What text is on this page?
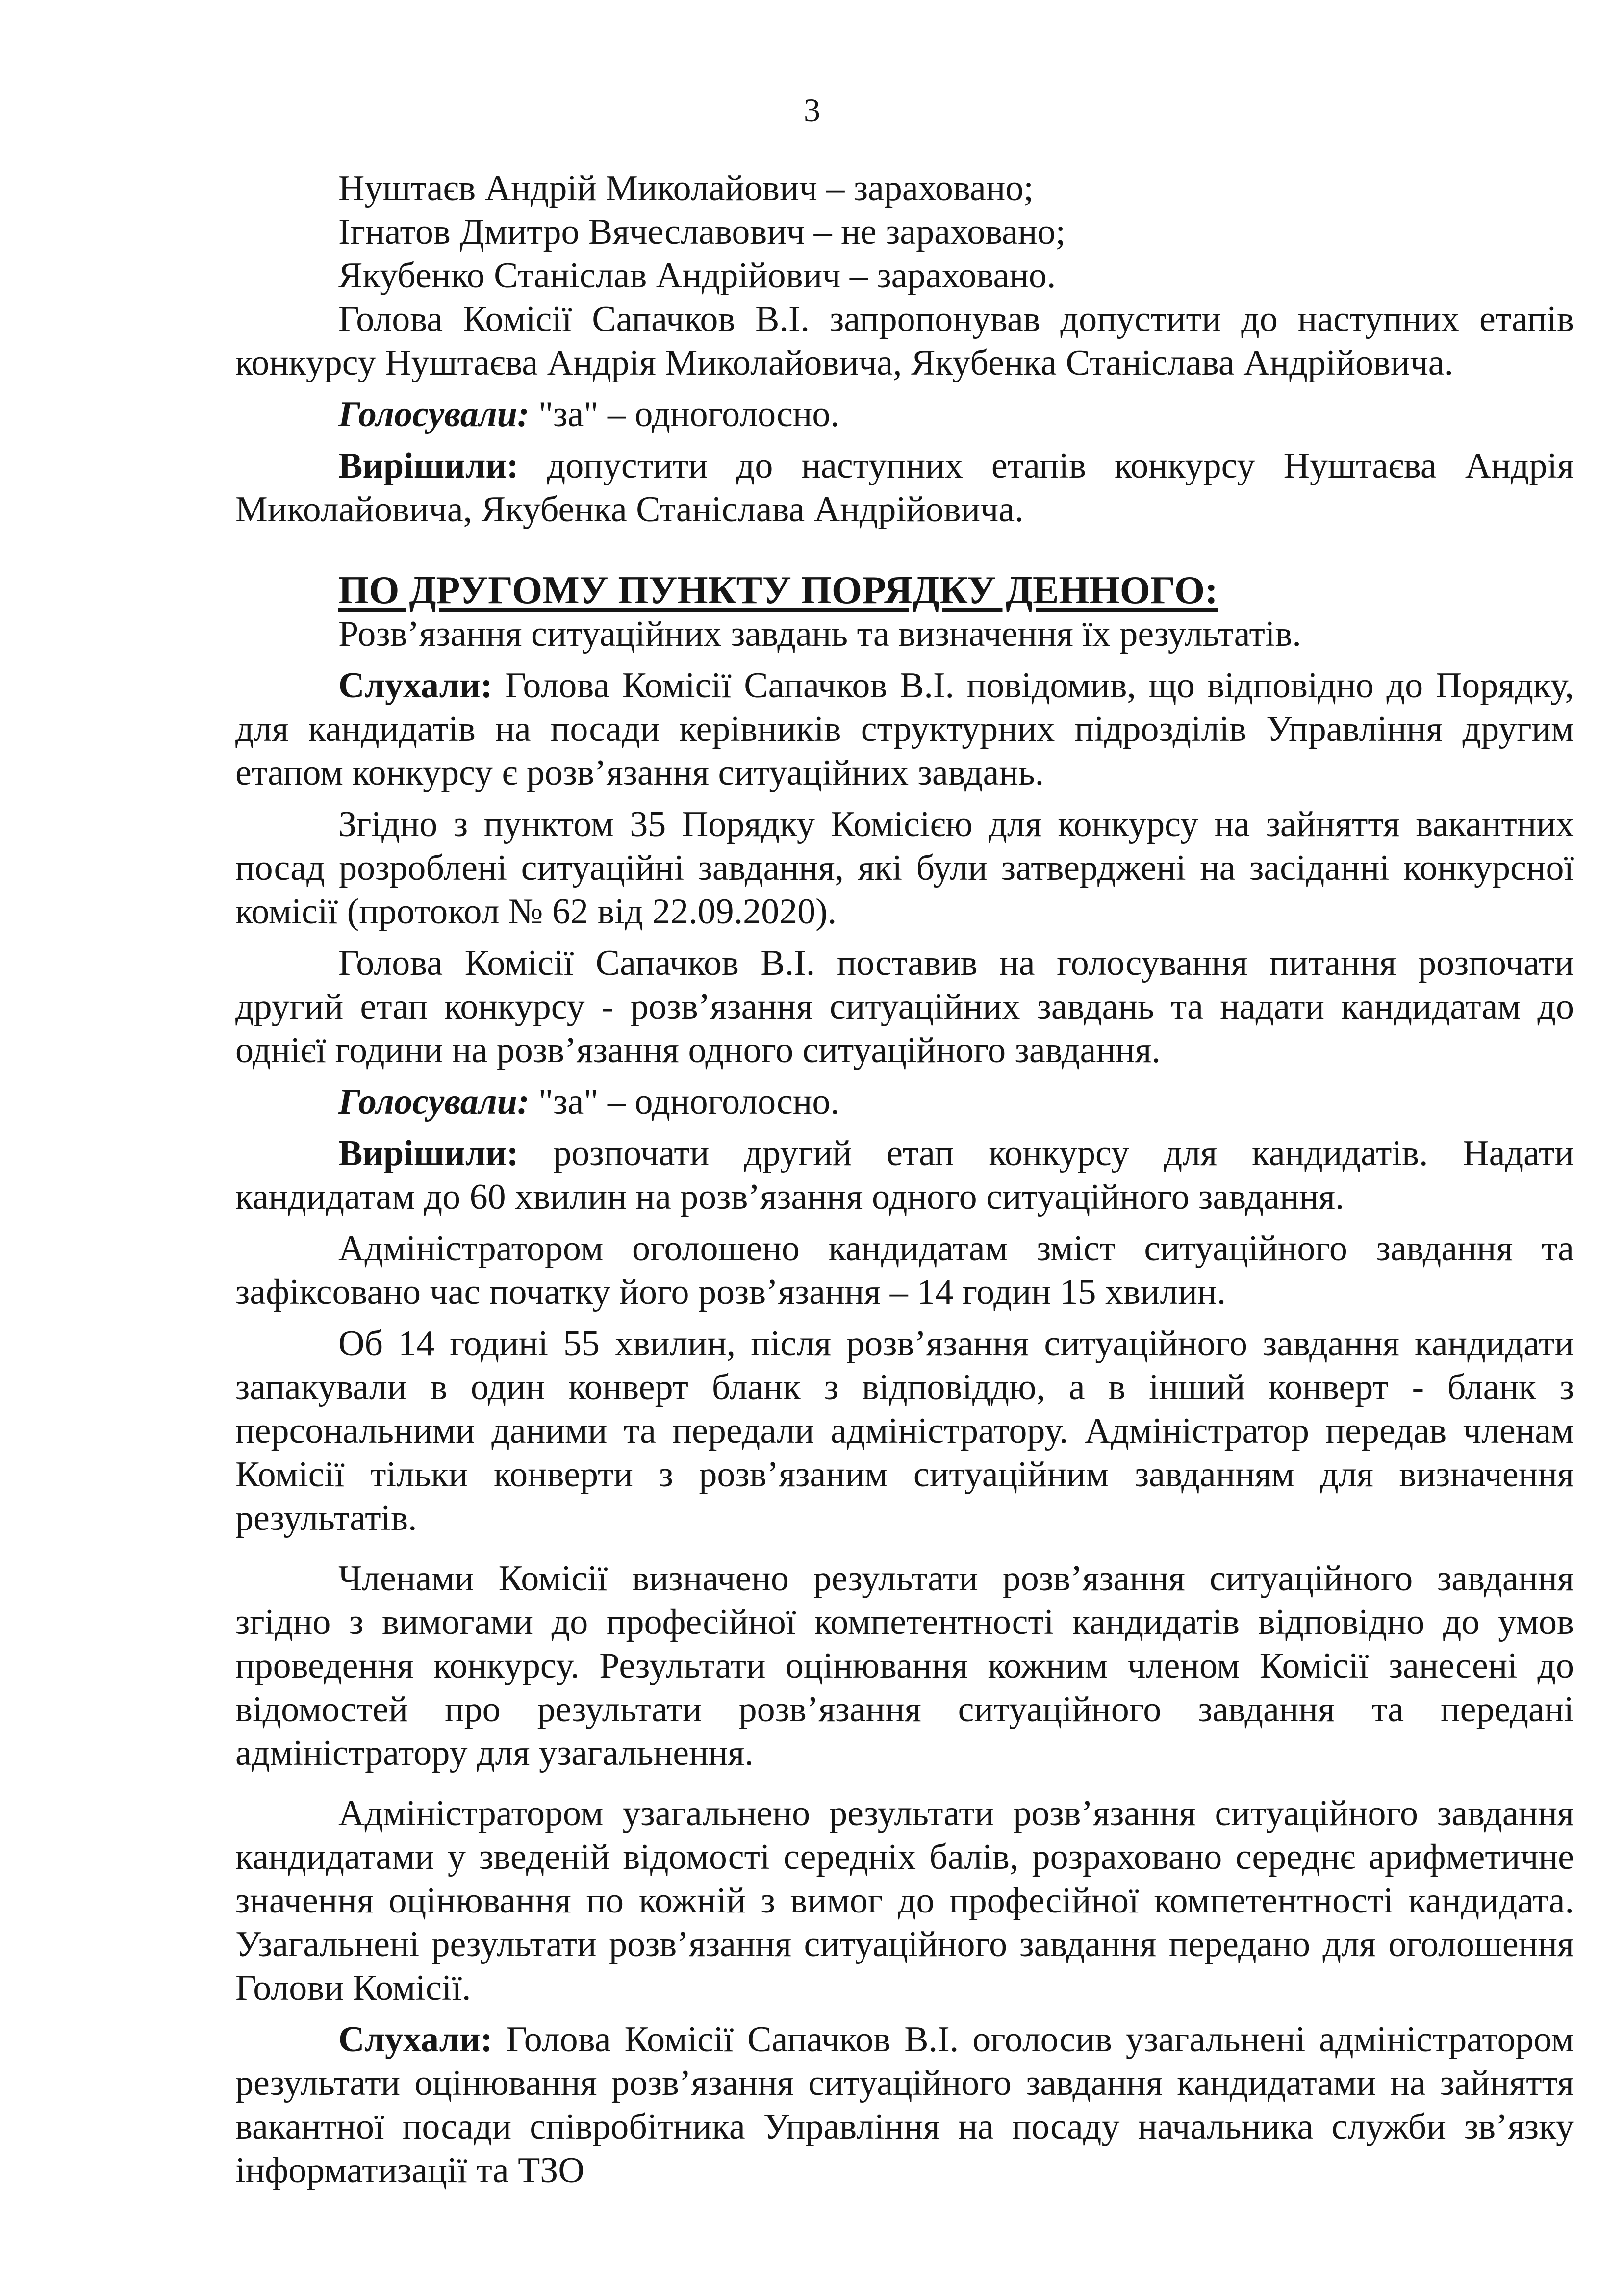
3

Нуштаєв Андрій Миколайович – зараховано;

Ігнатов Дмитро Вячеславович – не зараховано;

Якубенко Станіслав Андрійович – зараховано.

Голова Комісії Сапачков В.І. запропонував допустити до наступних етапів конкурсу Нуштаєва Андрія Миколайовича, Якубенка Станіслава Андрійовича.

Голосували: "за" – одноголосно.

Вирішили: допустити до наступних етапів конкурсу Нуштаєва Андрія Миколайовича, Якубенка Станіслава Андрійовича.

ПО ДРУГОМУ ПУНКТУ ПОРЯДКУ ДЕННОГО:

Розв’язання ситуаційних завдань та визначення їх результатів.

Слухали: Голова Комісії Сапачков В.І. повідомив, що відповідно до Порядку, для кандидатів на посади керівників структурних підрозділів Управління другим етапом конкурсу є розв’язання ситуаційних завдань.

Згідно з пунктом 35 Порядку Комісією для конкурсу на зайняття вакантних посад розроблені ситуаційні завдання, які були затверджені на засіданні конкурсної комісії (протокол № 62 від 22.09.2020).

Голова Комісії Сапачков В.І. поставив на голосування питання розпочати другий етап конкурсу - розв’язання ситуаційних завдань та надати кандидатам до однієї години на розв’язання одного ситуаційного завдання.

Голосували: "за" – одноголосно.

Вирішили: розпочати другий етап конкурсу для кандидатів. Надати кандидатам до 60 хвилин на розв’язання одного ситуаційного завдання.

Адміністратором оголошено кандидатам зміст ситуаційного завдання та зафіксовано час початку його розв’язання – 14 годин 15 хвилин.

Об 14 годині 55 хвилин, після розв’язання ситуаційного завдання кандидати запакували в один конверт бланк з відповіддю, а в інший конверт - бланк з персональними даними та передали адміністратору. Адміністратор передав членам Комісії тільки конверти з розв’язаним ситуаційним завданням для визначення результатів.

Членами Комісії визначено результати розв’язання ситуаційного завдання згідно з вимогами до професійної компетентності кандидатів відповідно до умов проведення конкурсу. Результати оцінювання кожним членом Комісії занесені до відомостей про результати розв’язання ситуаційного завдання та передані адміністратору для узагальнення.

Адміністратором узагальнено результати розв’язання ситуаційного завдання кандидатами у зведеній відомості середніх балів, розраховано середнє арифметичне значення оцінювання по кожній з вимог до професійної компетентності кандидата. Узагальнені результати розв’язання ситуаційного завдання передано для оголошення Голови Комісії.

Слухали: Голова Комісії Сапачков В.І. оголосив узагальнені адміністратором результати оцінювання розв’язання ситуаційного завдання кандидатами на зайняття вакантної посади співробітника Управління на посаду начальника служби зв’язку інформатизації та ТЗО
